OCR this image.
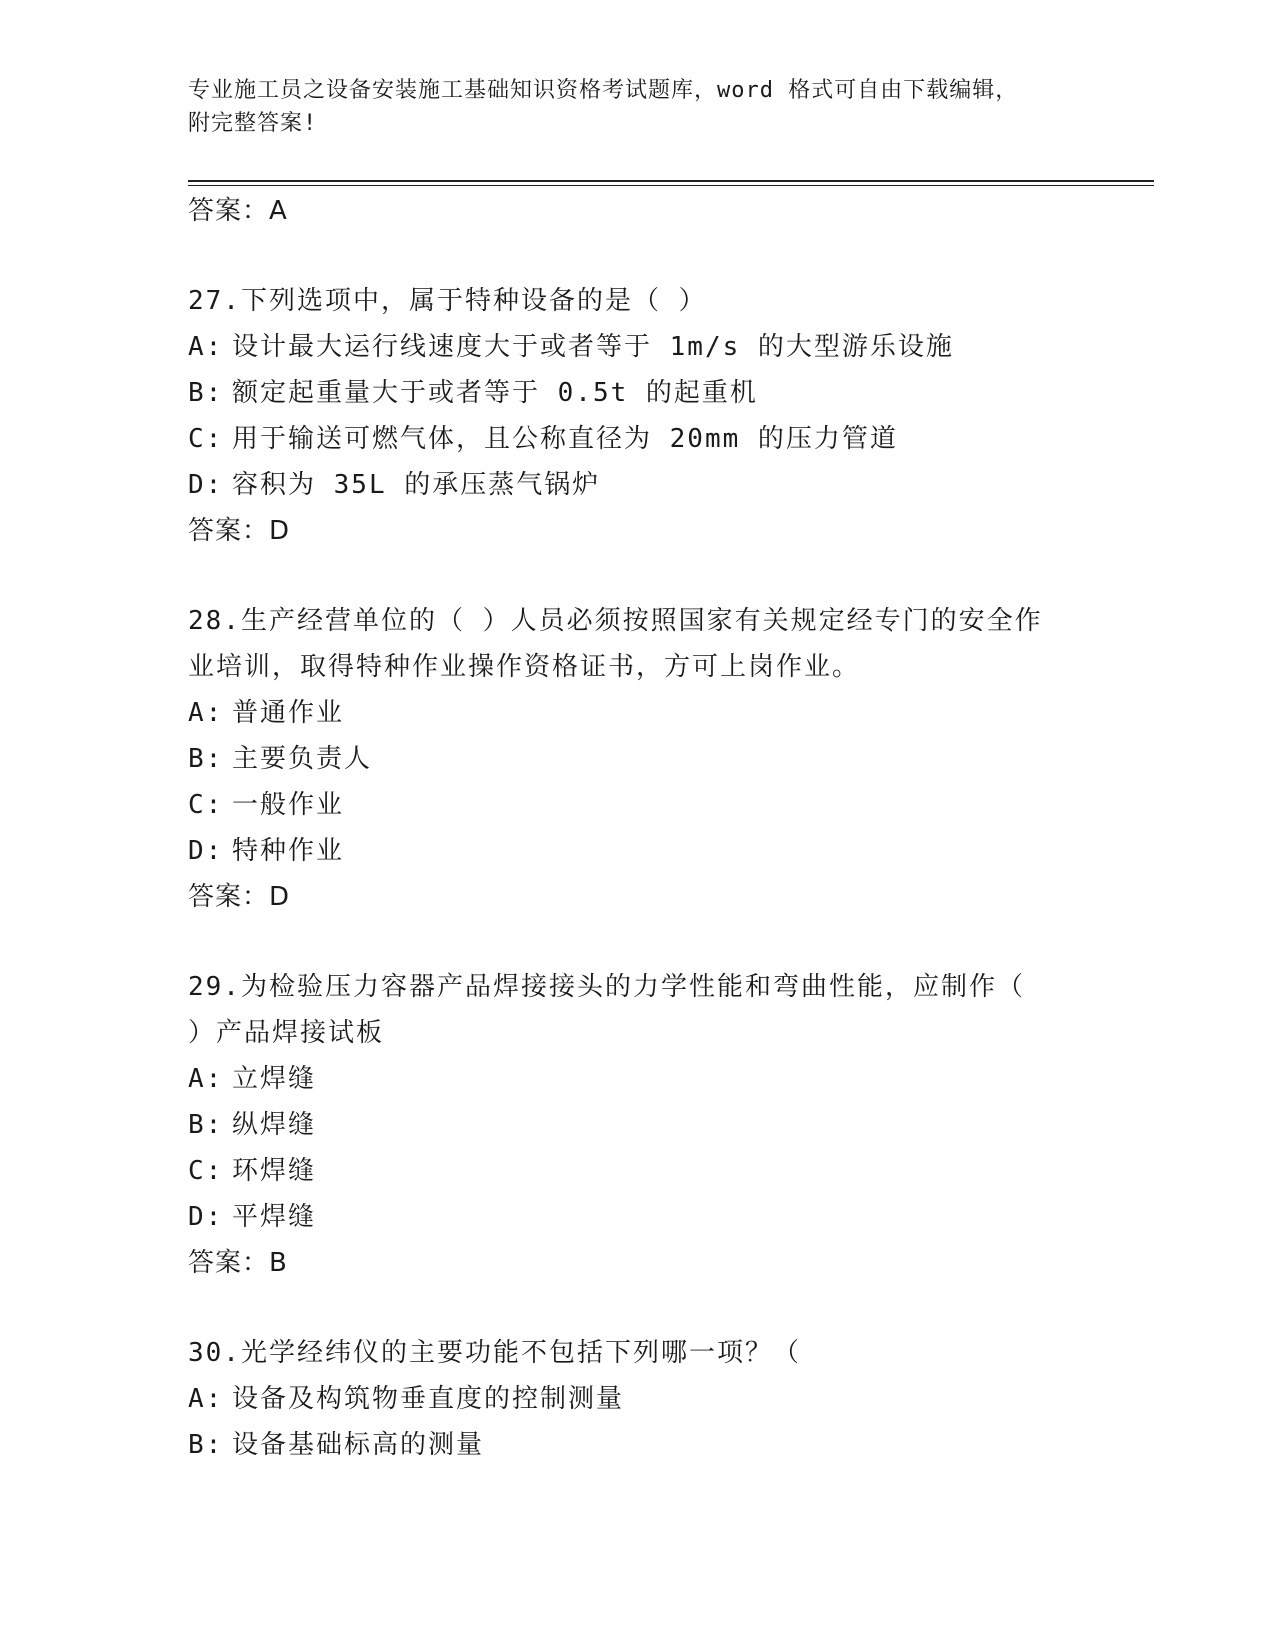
专业施工员之设备安装施工基础知识资格考试题库，word 格式可自由下载编辑，
附完整答案!
答案：A
27.下列选项中，属于特种设备的是（ ）
A: 设计最大运行线速度大于或者等于 1m/s 的大型游乐设施
B: 额定起重量大于或者等于 0.5t 的起重机
C: 用于输送可燃气体，且公称直径为 20mm 的压力管道
D: 容积为 35L 的承压蒸气锅炉
答案：D
28.生产经营单位的（ ）人员必须按照国家有关规定经专门的安全作
业培训，取得特种作业操作资格证书，方可上岗作业。
A: 普通作业
B: 主要负责人
C: 一般作业
D: 特种作业
答案：D
29.为检验压力容器产品焊接接头的力学性能和弯曲性能，应制作（
）产品焊接试板
A: 立焊缝
B: 纵焊缝
C: 环焊缝
D: 平焊缝
答案：B
30.光学经纬仪的主要功能不包括下列哪一项？（
A: 设备及构筑物垂直度的控制测量
B: 设备基础标高的测量
